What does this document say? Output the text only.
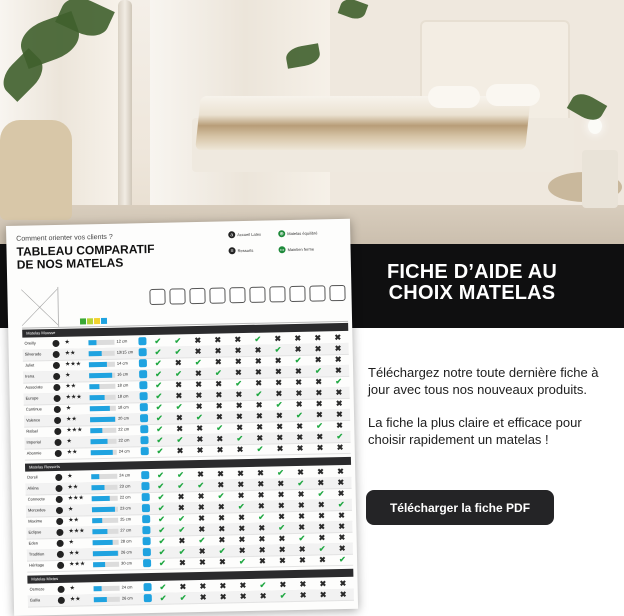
FICHE D’AIDE AU
CHOIX MATELAS
Comment orienter vos clients ?
TABLEAU COMPARATIF
DE NOS MATELAS
a Accueil Latex	⊕ Matelas équilibré
≡ Ressorts	▭ Maintien ferme
Matelas Mousse
Oreilly	★	12 cm	✔ ✔ ✖ ✖ ✖ ✔ ✖ ✖ ✖ ✖
Silverado	★★	13/15 cm	✔ ✔ ✖ ✖ ✖ ✖ ✔ ✖ ✖ ✖
Juliet	★★★	14 cm	✔ ✖ ✔ ✖ ✖ ✖ ✖ ✔ ✖ ✖
Irena	★	16 cm	✔ ✔ ✖ ✔ ✖ ✖ ✖ ✖ ✔ ✖
Associate	★★	18 cm	✔ ✖ ✖ ✖ ✔ ✖ ✖ ✖ ✖ ✔
Europe	★★★	18 cm	✔ ✖ ✖ ✖ ✖ ✔ ✖ ✖ ✖ ✖
Continue	★	18 cm	✔ ✔ ✖ ✖ ✖ ✖ ✔ ✖ ✖ ✖
Valence	★★	20 cm	✔ ✖ ✔ ✖ ✖ ✖ ✖ ✔ ✖ ✖
Rafael	★★★	22 cm	✔ ✖ ✖ ✔ ✖ ✖ ✖ ✖ ✔ ✖
Imperial	★	22 cm	✔ ✔ ✖ ✖ ✔ ✖ ✖ ✖ ✖ ✔
Abonnie	★★	24 cm	✔ ✖ ✖ ✖ ✖ ✔ ✖ ✖ ✖ ✖
Matelas Ressorts
Dorsil	★	24 cm	✔ ✔ ✖ ✖ ✖ ✖ ✔ ✖ ✖ ✖
Aliéna	★★	23 cm	✔ ✔ ✔ ✖ ✖ ✖ ✖ ✔ ✖ ✖
Connecte	★★★	22 cm	✔ ✖ ✖ ✔ ✖ ✖ ✖ ✖ ✔ ✖
Mercedes	★	23 cm	✔ ✖ ✖ ✖ ✔ ✖ ✖ ✖ ✖ ✔
Maxime	★★	25 cm	✔ ✔ ✖ ✖ ✖ ✔ ✖ ✖ ✖ ✖
Eclipse	★★★	27 cm	✔ ✔ ✖ ✖ ✖ ✖ ✔ ✖ ✖ ✖
Eden	★	28 cm	✔ ✖ ✔ ✖ ✖ ✖ ✖ ✔ ✖ ✖
Tradition	★★	26 cm	✔ ✔ ✖ ✔ ✖ ✖ ✖ ✖ ✔ ✖
Héritage	★★★	30 cm	✔ ✖ ✖ ✖ ✔ ✖ ✖ ✖ ✖ ✔
Matelas Mixtes
Osmoze	★	24 cm	✔ ✖ ✖ ✖ ✖ ✔ ✖ ✖ ✖ ✖
Gallia	★★	26 cm	✔ ✔ ✖ ✖ ✖ ✖ ✔ ✖ ✖ ✖

Téléchargez notre toute dernière fiche à jour avec tous nos nouveaux produits.

La fiche la plus claire et efficace pour choisir rapidement un matelas !

Télécharger la fiche PDF
